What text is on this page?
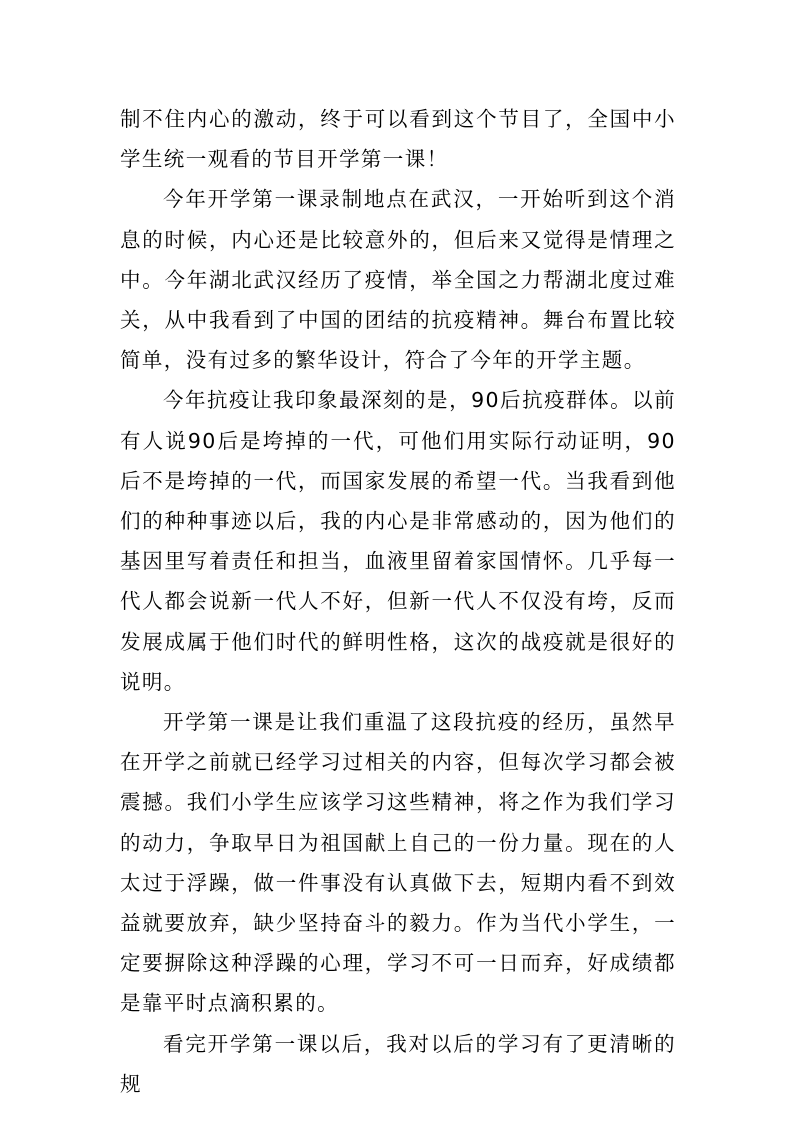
制不住内心的激动，终于可以看到这个节目了，全国中小学生统一观看的节目开学第一课！

今年开学第一课录制地点在武汉，一开始听到这个消息的时候，内心还是比较意外的，但后来又觉得是情理之中。今年湖北武汉经历了疫情，举全国之力帮湖北度过难关，从中我看到了中国的团结的抗疫精神。舞台布置比较简单，没有过多的繁华设计，符合了今年的开学主题。

今年抗疫让我印象最深刻的是，90后抗疫群体。以前有人说90后是垮掉的一代，可他们用实际行动证明，90后不是垮掉的一代，而国家发展的希望一代。当我看到他们的种种事迹以后，我的内心是非常感动的，因为他们的基因里写着责任和担当，血液里留着家国情怀。几乎每一代人都会说新一代人不好，但新一代人不仅没有垮，反而发展成属于他们时代的鲜明性格，这次的战疫就是很好的说明。

开学第一课是让我们重温了这段抗疫的经历，虽然早在开学之前就已经学习过相关的内容，但每次学习都会被震撼。我们小学生应该学习这些精神，将之作为我们学习的动力，争取早日为祖国献上自己的一份力量。现在的人太过于浮躁，做一件事没有认真做下去，短期内看不到效益就要放弃，缺少坚持奋斗的毅力。作为当代小学生，一定要摒除这种浮躁的心理，学习不可一日而弃，好成绩都是靠平时点滴积累的。

看完开学第一课以后，我对以后的学习有了更清晰的规
